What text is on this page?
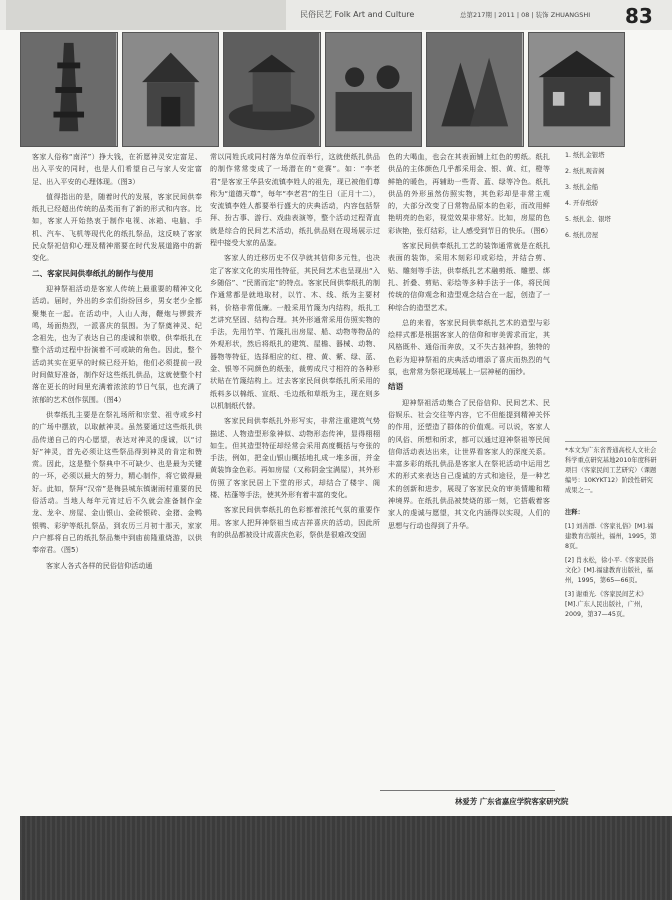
民俗民艺 Folk Art and Culture	总第217期 | 2011 | 08 | 装饰 ZHUANGSHI 83

客家人俗称“南洋”）挣大钱，在祈愿神灵安定富足、出入平安的同时，也是人们希望自己与家人安定富足、出入平安的心理体现。（图3）

值得指出的是，随着时代的发展，客家民间供奉纸扎已经超出传统的品类而有了新的形式和内容。比如，客家人开始热衷于制作电视、冰箱、电脑、手机、汽车、飞机等现代化的纸扎祭品，这反映了客家民众祭祀信仰心理及精神需要在时代发展道路中的新变化。

二、客家民间供奉纸扎的制作与使用

迎神祭祖活动是客家人传统上最重要的精神文化活动。届时，外出的乡亲们纷纷回乡，男女老少全都聚集在一起。在活动中，人山人海，鞭炮与锣鼓齐鸣，场面热烈，一派喜庆的氛围。为了祭奠神灵、纪念祖先，也为了表达自己的虔诚和崇敬，供奉纸扎在整个活动过程中扮演着不可或缺的角色。因此，整个活动其实在更早的时候已经开始，他们必须提前一段时间做好准备，制作好这些纸扎供品，这就使整个村落在更长的时间里充满着浓浓的节日气氛，也充满了浓郁的艺术创作氛围。（图4）

供奉纸扎主要是在祭礼场所和宗堂、祖寺或乡村的广场中摆放，以取献神灵。虽然要通过这些纸扎供品传递自己的内心愿望，表达对神灵的虔诚，以“讨好”神灵，首先必须让这些祭品得到神灵的肯定和赞赏。因此，这是整个祭典中不可缺少、也是最为关键的一环，必须以最大的努力，精心制作，将它做得最好。此如，祭拜“汉帝”是梅县城东镇谢雨村重要的民俗活动。当地人每年元宵过后不久就会准备制作金龙、龙伞、房屋、金山银山、金砖银砖、金猪、金鸭银鸭、彩驴等纸扎祭品，到农历三月初十那天，家家户户都将自己的纸扎祭品集中到庙前隆重烧游，以供奉帝君。（图5）

客家人各式各样的民俗信仰活动通

常以同姓氏或同村落为单位而举行，这就使纸扎供品的制作常常变成了一场潜在的“竞赛”。如：“李老君”是客家王华县安流镇李姓人的祖先，现已被他们尊称为“道德天尊”，每年“李老君”的生日（正月十二），安流镇李姓人都要举行盛大的庆典活动，内容包括祭拜、扮古事、游行、戏曲表演等，整个活动过程背直就是综合的民间艺术活动，纸扎供品则在现场展示过程中接受大家的品鉴。

客家人的迁移历史不仅孕就其信仰多元性，也决定了客家文化的实用性特征，其民间艺术也呈现出“入乡随俗”、“民需而定”的特点。客家民间供奉纸扎的制作通常都是就地取材，以竹、木、线、纸为主要材料，价格非常低廉。一般采用竹篾为内结构，纸扎工艺讲究坚固、结构合理。其外形通常采用仿照实物的手法，先用竹竿、竹篾扎出房屋、船、动物等物品的外观形状，然后将纸扎的建筑、屋檐、器械、动物、器物等特征，选择相应的红、橙、黄、紫、绿、蓝、金、银等不同颜色的纸张，裁剪成尺寸相符的各种形状贴在竹篾结构上。过去客家民间供奉纸扎所采用的纸料多以棉纸、宣纸、毛边纸和草纸为主，现在则多以机制纸代替。

客家民间供奉纸扎外形写实，非常注重建筑气势描述、人物造型形象神似、动物形态传神，显得栩栩如生。但其造型特征却经常会采用高度概括与夸张的手法，例如，把金山银山概括地扎成一堆多面，并金黄装饰金色彩。再如房屋（又称阴金宝满屋），其外形仿照了客家民居上下堂的形式，却结合了楼宇、阁楼、枯蓬等手法，使其外形有着丰富的变化。

客家民间供奉纸扎的色彩都着浓托气氛的重要作用。客家人把拜神祭祖当成吉祥喜庆的活动，因此所有的供品都被设计成喜庆色彩，祭供是很难改变固

色的大喝血，也会在其表面铺上红色的剪纸。纸扎供品的主体颜色几乎都采用金、银、黄、红，橙等鲜艳的暖色，再辅助一些青、蓝、绿等冷色。纸扎供品的外形虽然仿照实物，其色彩却是非常主观的，大部分改变了日常物品原本的色彩，而改用鲜艳明亮的色彩，视觉效果非常好。比如，房屋的色彩诙艳，张灯结彩，让人感受到节日的快乐。（图6）

客家民间供奉纸扎工艺的装饰通常就是在纸扎表面的装饰，采用木刻彩印或彩绘，并结合剪、贴、雕刻等手法，供奉纸扎艺术融剪纸、雕塑、绑扎、折叠、剪贴、彩绘等多种手法于一体，将民间传统的信仰观念和造型观念结合在一起，创造了一种综合的造型艺术。

总的来看，客家民间供奉纸扎艺术的造型与彩绘样式都是根据客家人的信仰和审美需求而定，其风格既朴、通俗而奔放，又不失古拙神韵，独特的色彩为迎神祭祖的庆典活动增添了喜庆而热烈的气氛，也常常为祭祀现场展上一层神秘的面纱。

结语

迎神祭祖活动集合了民俗信仰、民间艺术、民俗娱乐、社会交往等内容，它不但能提到精神关怀的作用，还塑造了群体的价值观。可以说，客家人的风俗、所想和所求，都可以通过迎神祭祖等民间信仰活动表达出来，让世界看客家人的深度关系。丰富多彩的纸扎供品是客家人在祭祀活动中运用艺术的形式来表达自己虔诚的方式和途径，是一种艺术的创新和进步，展现了客家民众的审美情趣和精神境界。在纸扎供品被焚烧的那一刻，它搭载着客家人的虔诚与愿望，其文化内涵得以实现，人们的思想与行动也得到了升华。

1. 纸扎金银塔
2. 纸扎观音阁
3. 纸扎金船
4. 开春纸轿
5. 纸扎金、银塔
6. 纸扎房屋
*本文为广东省普通高校人文社会科学重点研究基地2010年度科研项目（客家民间工艺研究）（课题编号：10KYKT12）阶段性研究成果之一。
注释：
[1] 刘善群.《客家礼俗》[M].福建教育出版社，福州，1995，第8页。
[2] 肖永松，徐小平.《客家民俗文化》[M].福建教育出版社，福州，1995，第65—66页。
[3] 谢重光.《客家民间艺术》[M].广东人民出版社，广州，2009，第37—45页。
林爱芳 广东省嘉应学院客家研究院
